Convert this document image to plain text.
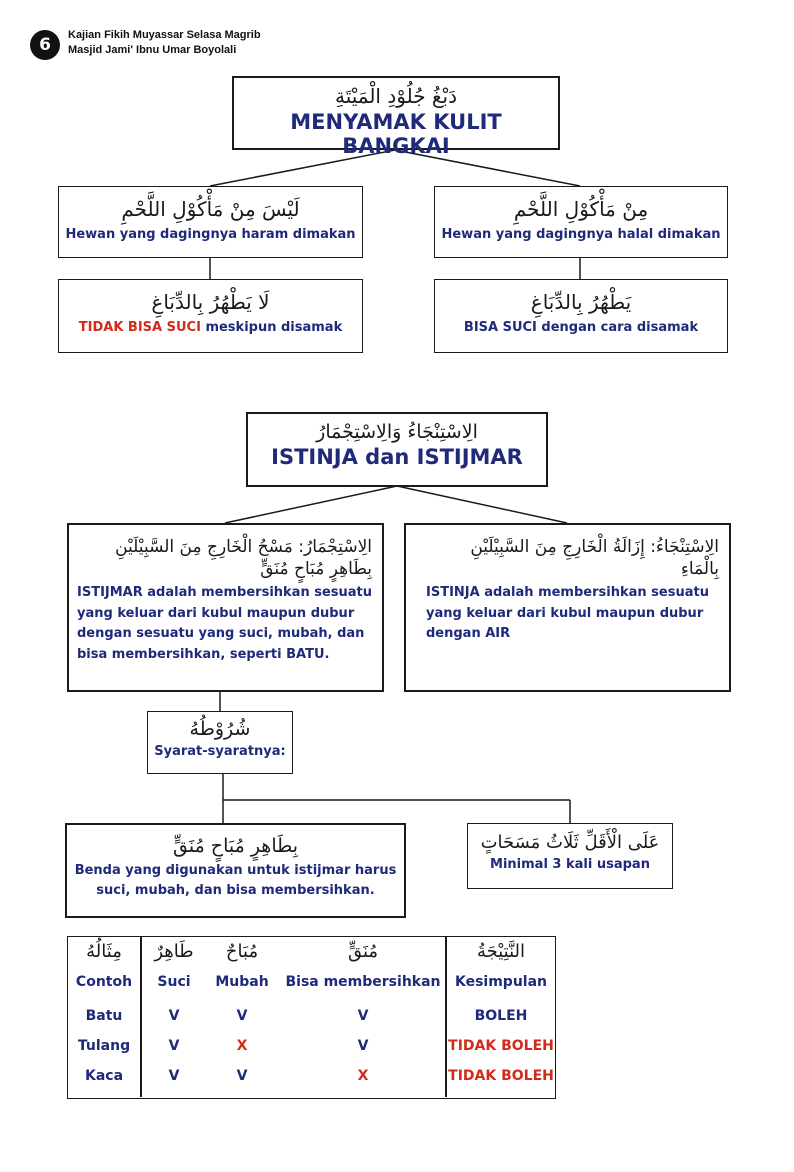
6	Kajian Fikih Muyassar Selasa Magrib
Masjid Jami' Ibnu Umar Boyolali
دَبْغُ جُلُوْدِ الْمَيْتَةِ
MENYAMAK KULIT BANGKAI
لَيْسَ مِنْ مَأْكُوْلِ اللَّحْمِ
Hewan yang dagingnya haram dimakan
مِنْ مَأْكُوْلِ اللَّحْمِ
Hewan yang dagingnya halal dimakan
لَا يَطْهُرُ بِالدِّبَاغِ
TIDAK BISA SUCI meskipun disamak
يَطْهُرُ بِالدِّبَاغِ
BISA SUCI dengan cara disamak
الِاسْتِنْجَاءُ وَالِاسْتِجْمَارُ
ISTINJA dan ISTIJMAR
الِاسْتِجْمَارُ: مَسْحُ الْخَارِجِ مِنَ السَّبِيْلَيْنِ
بِطَاهِرٍ مُبَاحٍ مُنَقٍّ
ISTIJMAR adalah membersihkan sesuatu
yang keluar dari kubul maupun dubur
dengan sesuatu yang suci, mubah, dan
bisa membersihkan, seperti BATU.
الِاسْتِنْجَاءُ: إِزَالَةُ الْخَارِجِ مِنَ السَّبِيْلَيْنِ
بِالْمَاءِ
ISTINJA adalah membersihkan sesuatu
yang keluar dari kubul maupun dubur
dengan AIR
شُرُوْطُهُ
Syarat-syaratnya:
بِطَاهِرٍ مُبَاحٍ مُنَقٍّ
Benda yang digunakan untuk istijmar harus
suci, mubah, dan bisa membersihkan.
عَلَى الْأَقَلِّ ثَلَاثُ مَسَحَاتٍ
Minimal 3 kali usapan
مِثَالُهُ	طَاهِرٌ	مُبَاحٌ	مُنَقٍّ	النَّتِيْجَةُ
Contoh	Suci	Mubah	Bisa membersihkan	Kesimpulan
Batu	V	V	V	BOLEH
Tulang	V	X	V	TIDAK BOLEH
Kaca	V	V	X	TIDAK BOLEH
